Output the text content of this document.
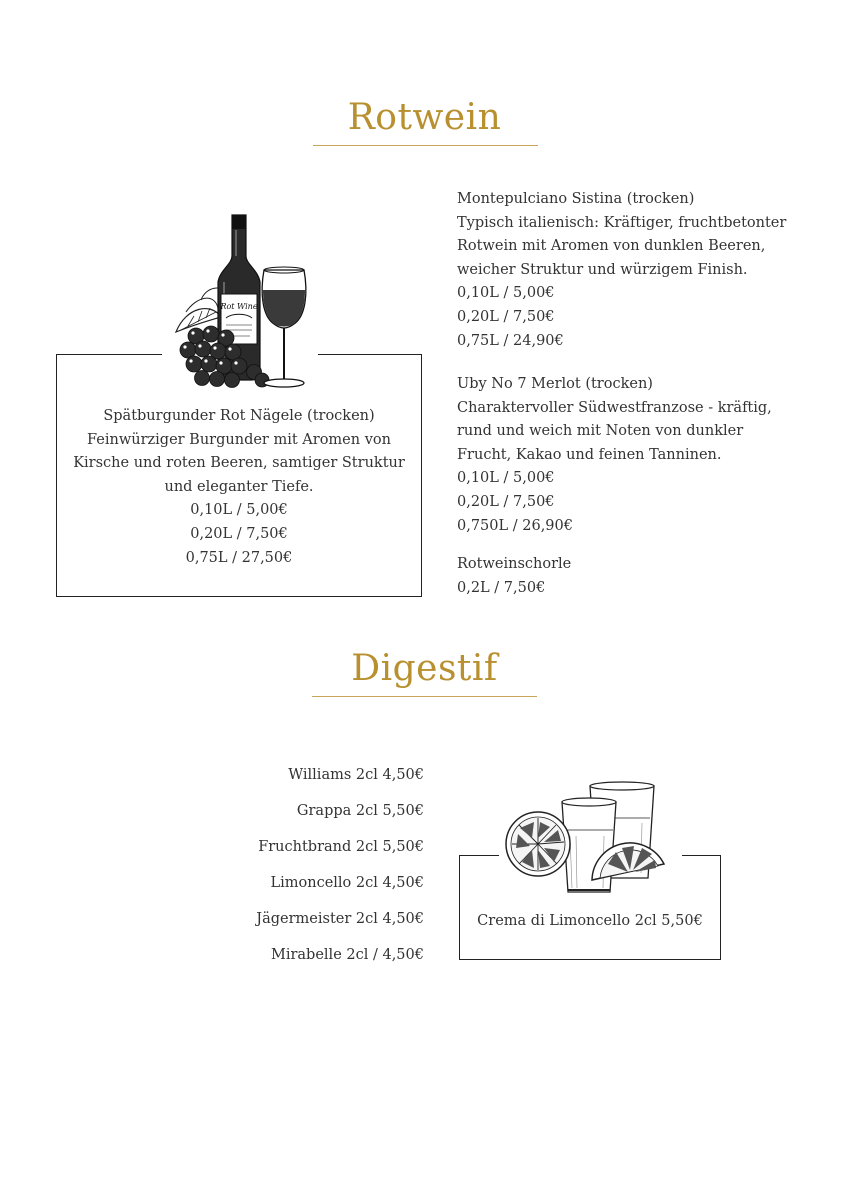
Rotwein
Rot Wine
Spätburgunder Rot Nägele (trocken)
Feinwürziger Burgunder mit Aromen von
Kirsche und roten Beeren, samtiger Struktur
und eleganter Tiefe.
0,10L / 5,00€
0,20L / 7,50€
0,75L / 27,50€
Montepulciano Sistina (trocken)
Typisch italienisch: Kräftiger, fruchtbetonter
Rotwein mit Aromen von dunklen Beeren,
weicher Struktur und würzigem Finish.
0,10L / 5,00€
0,20L / 7,50€
0,75L / 24,90€
Uby No 7 Merlot (trocken)
Charaktervoller Südwestfranzose - kräftig,
rund und weich mit Noten von dunkler
Frucht, Kakao und feinen Tanninen.
0,10L / 5,00€
0,20L / 7,50€
0,750L / 26,90€
Rotweinschorle
0,2L / 7,50€
Digestif
Williams 2cl 4,50€
Grappa 2cl 5,50€
Fruchtbrand 2cl 5,50€
Limoncello 2cl 4,50€
Jägermeister 2cl 4,50€
Mirabelle 2cl / 4,50€
Crema di Limoncello 2cl 5,50€
